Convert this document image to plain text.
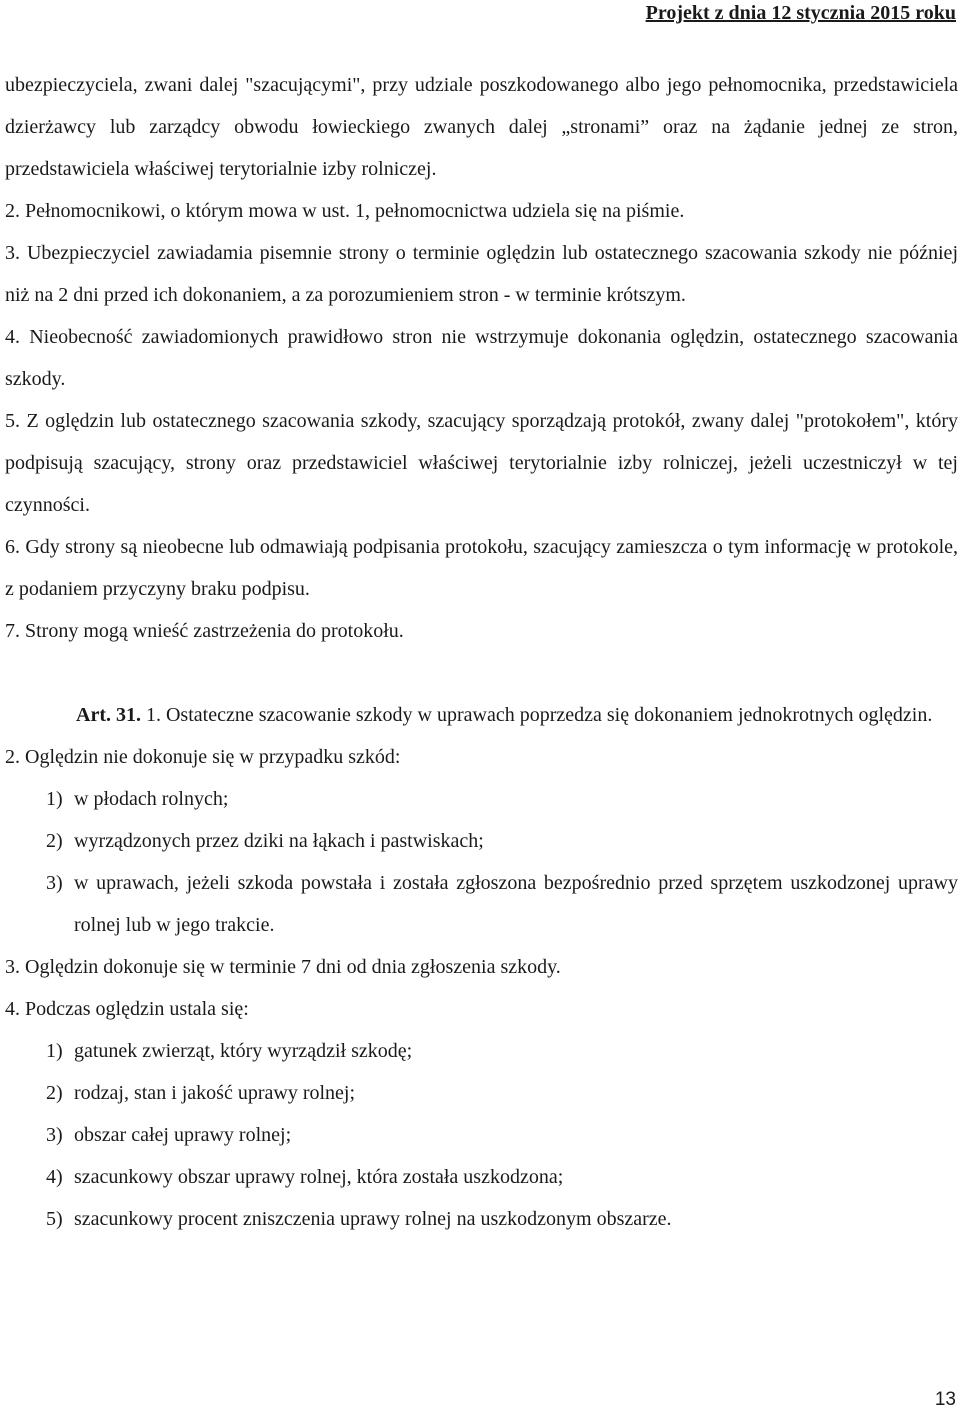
Projekt z dnia 12 stycznia 2015 roku

ubezpieczyciela, zwani dalej "szacującymi", przy udziale poszkodowanego albo jego pełnomocnika, przedstawiciela dzierżawcy lub zarządcy obwodu łowieckiego zwanych dalej „stronami” oraz na żądanie jednej ze stron, przedstawiciela właściwej terytorialnie izby rolniczej.

2. Pełnomocnikowi, o którym mowa w ust. 1, pełnomocnictwa udziela się na piśmie.

3. Ubezpieczyciel zawiadamia pisemnie strony o terminie oględzin lub ostatecznego szacowania szkody nie później niż na 2 dni przed ich dokonaniem, a za porozumieniem stron - w terminie krótszym.

4. Nieobecność zawiadomionych prawidłowo stron nie wstrzymuje dokonania oględzin, ostatecznego szacowania szkody.

5. Z oględzin lub ostatecznego szacowania szkody, szacujący sporządzają protokół, zwany dalej "protokołem", który podpisują szacujący, strony oraz przedstawiciel właściwej terytorialnie izby rolniczej, jeżeli uczestniczył w tej czynności.

6. Gdy strony są nieobecne lub odmawiają podpisania protokołu, szacujący zamieszcza o tym informację w protokole, z podaniem przyczyny braku podpisu.

7. Strony mogą wnieść zastrzeżenia do protokołu.

Art. 31. 1. Ostateczne szacowanie szkody w uprawach poprzedza się dokonaniem jednokrotnych oględzin.

2. Oględzin nie dokonuje się w przypadku szkód:

1) w płodach rolnych;
2) wyrządzonych przez dziki na łąkach i pastwiskach;
3) w uprawach, jeżeli szkoda powstała i została zgłoszona bezpośrednio przed sprzętem uszkodzonej uprawy rolnej lub w jego trakcie.

3. Oględzin dokonuje się w terminie 7 dni od dnia zgłoszenia szkody.

4. Podczas oględzin ustala się:

1) gatunek zwierząt, który wyrządził szkodę;
2) rodzaj, stan i jakość uprawy rolnej;
3) obszar całej uprawy rolnej;
4) szacunkowy obszar uprawy rolnej, która została uszkodzona;
5) szacunkowy procent zniszczenia uprawy rolnej na uszkodzonym obszarze.
13
